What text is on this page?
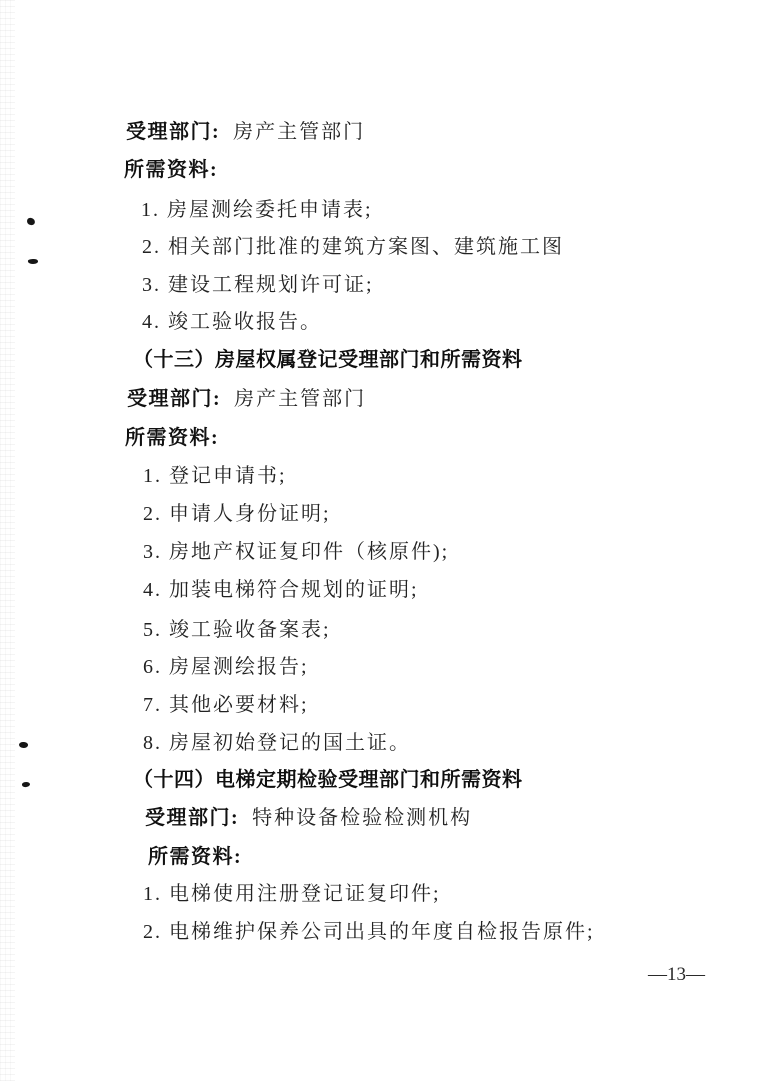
受理部门: 房产主管部门
所需资料:
1. 房屋测绘委托申请表;
2. 相关部门批准的建筑方案图、建筑施工图
3. 建设工程规划许可证;
4. 竣工验收报告。
（十三）房屋权属登记受理部门和所需资料
受理部门: 房产主管部门
所需资料:
1. 登记申请书;
2. 申请人身份证明;
3. 房地产权证复印件（核原件);
4. 加装电梯符合规划的证明;
5. 竣工验收备案表;
6. 房屋测绘报告;
7. 其他必要材料;
8. 房屋初始登记的国土证。
（十四）电梯定期检验受理部门和所需资料
受理部门: 特种设备检验检测机构
所需资料:
1. 电梯使用注册登记证复印件;
2. 电梯维护保养公司出具的年度自检报告原件;
—13—
